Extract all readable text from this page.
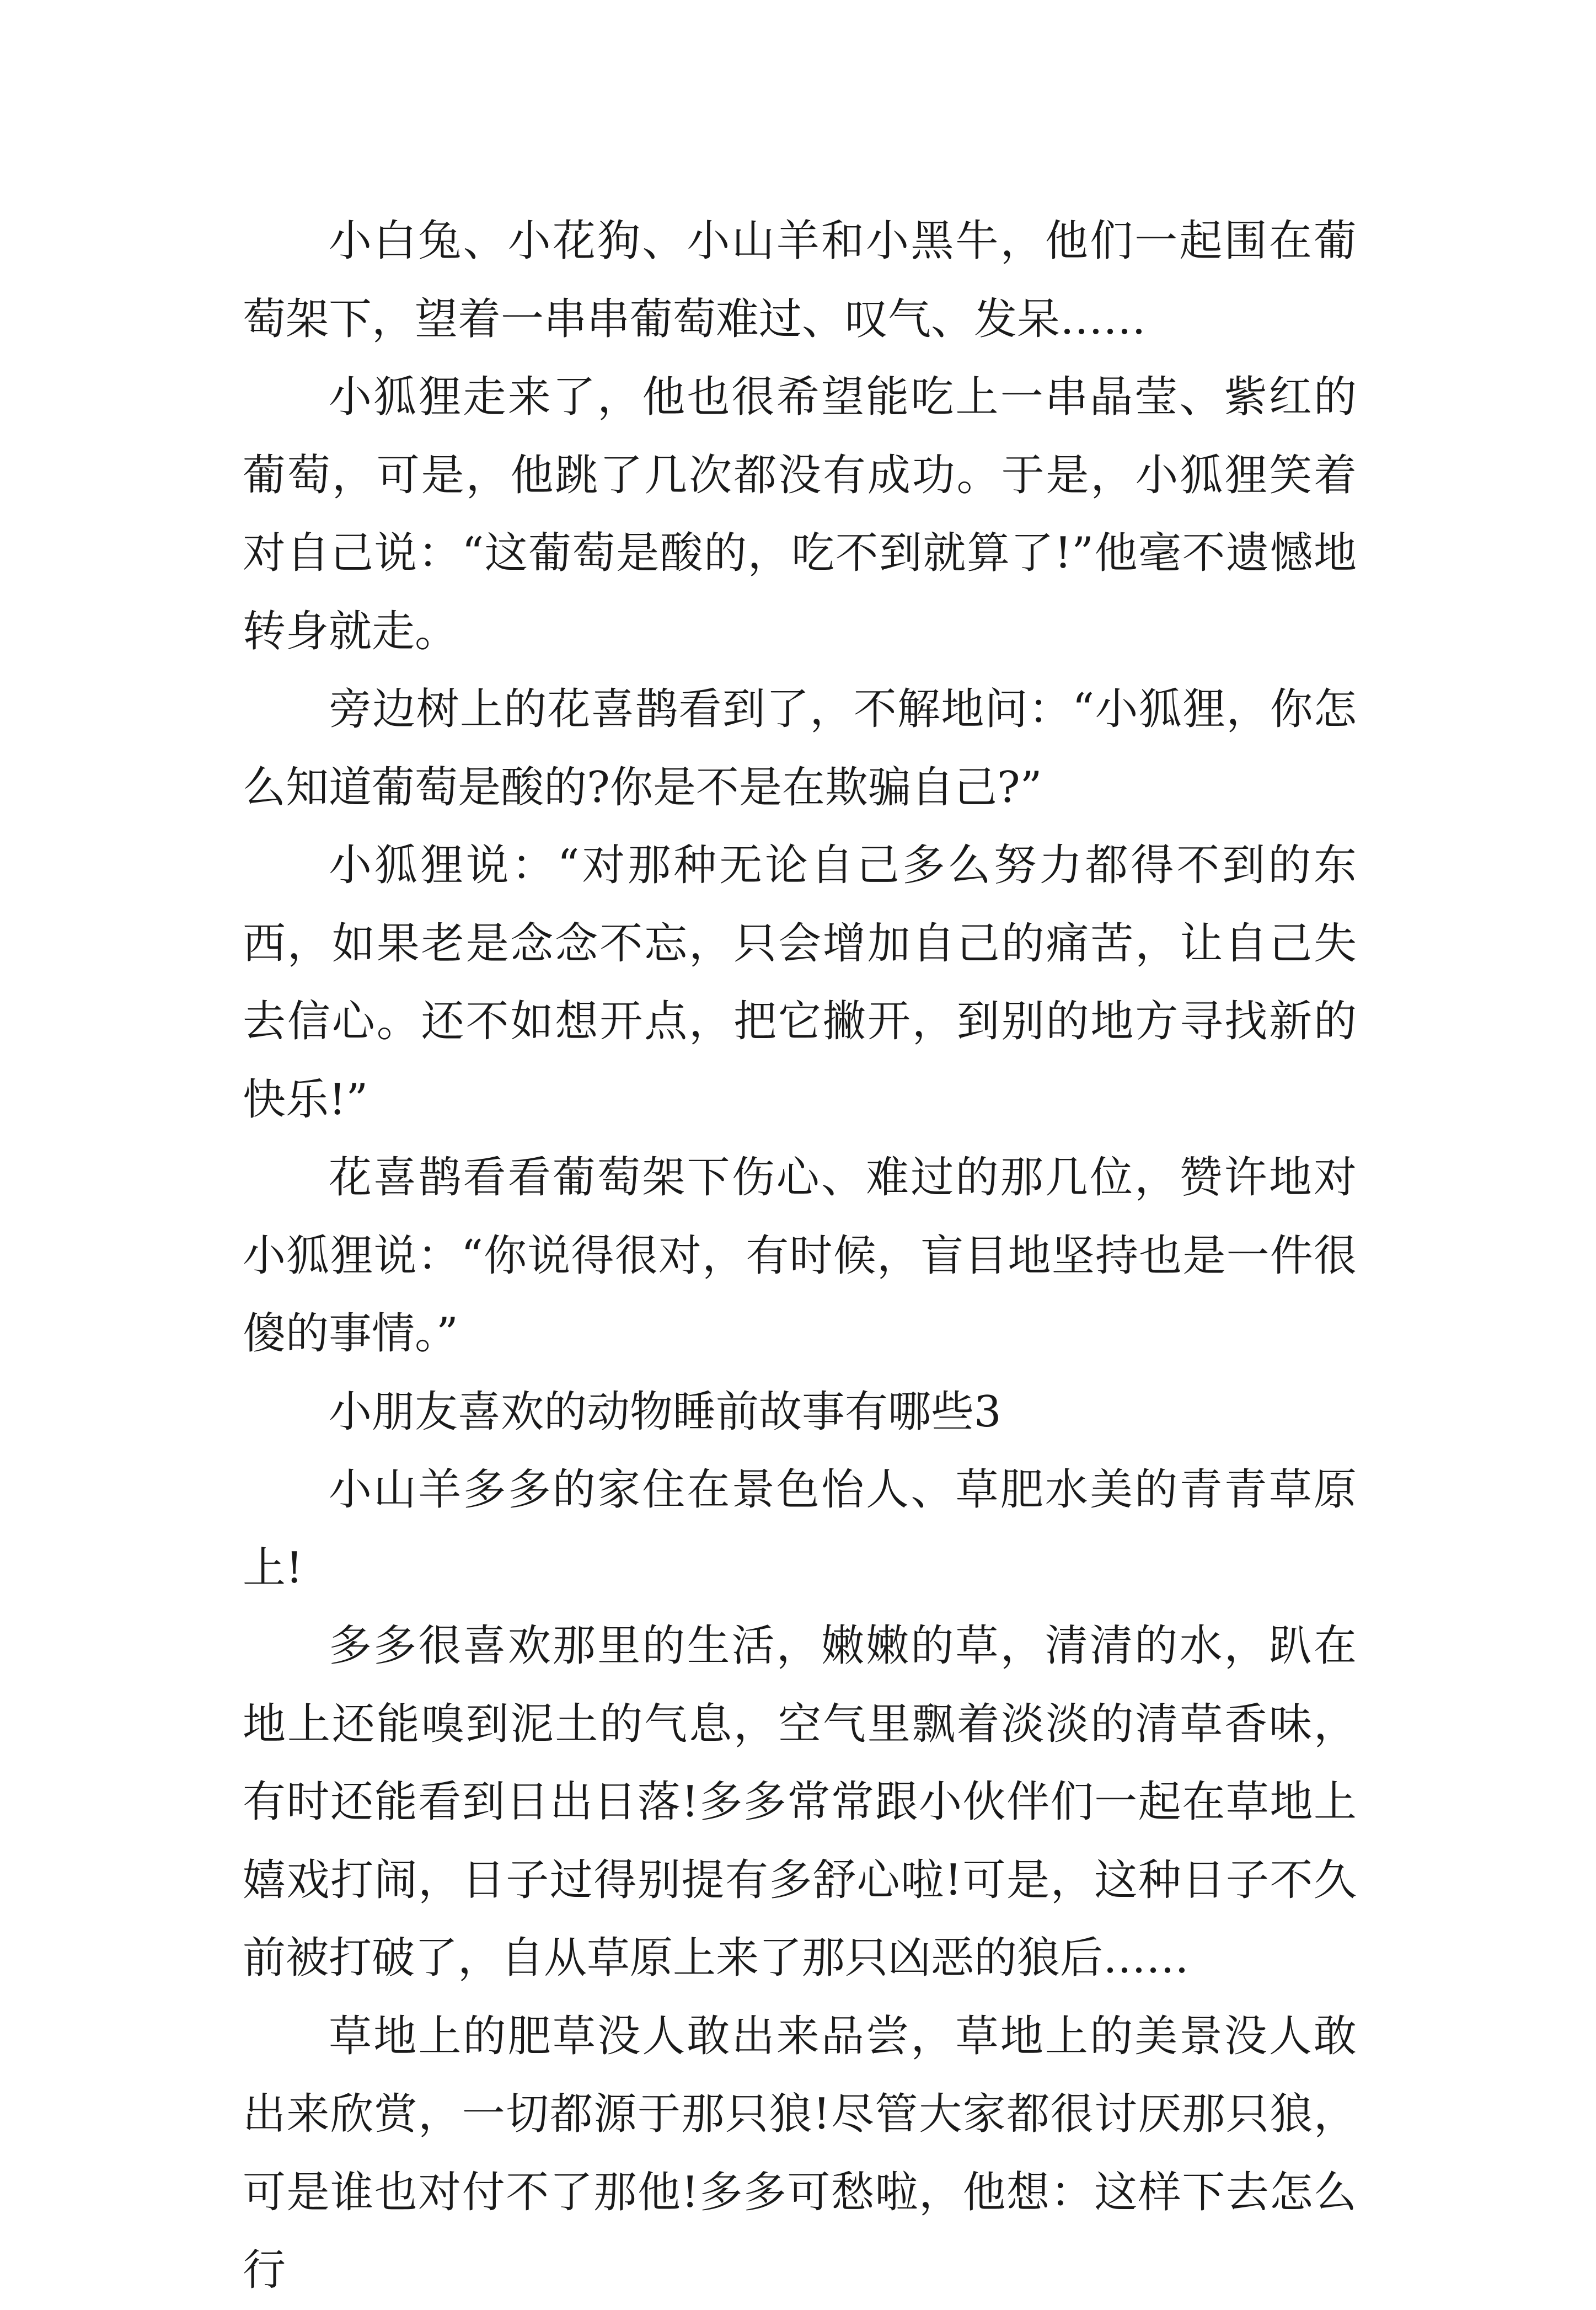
小白兔、小花狗、小山羊和小黑牛，他们一起围在葡萄架下，望着一串串葡萄难过、叹气、发呆……

小狐狸走来了，他也很希望能吃上一串晶莹、紫红的葡萄，可是，他跳了几次都没有成功。于是，小狐狸笑着对自己说：“这葡萄是酸的，吃不到就算了!”他毫不遗憾地转身就走。

旁边树上的花喜鹊看到了，不解地问：“小狐狸，你怎么知道葡萄是酸的?你是不是在欺骗自己?”

小狐狸说：“对那种无论自己多么努力都得不到的东西，如果老是念念不忘，只会增加自己的痛苦，让自己失去信心。还不如想开点，把它撇开，到别的地方寻找新的快乐!”

花喜鹊看看葡萄架下伤心、难过的那几位，赞许地对小狐狸说：“你说得很对，有时候，盲目地坚持也是一件很傻的事情。”

小朋友喜欢的动物睡前故事有哪些3

小山羊多多的家住在景色怡人、草肥水美的青青草原上!

多多很喜欢那里的生活，嫩嫩的草，清清的水，趴在地上还能嗅到泥土的气息，空气里飘着淡淡的清草香味，有时还能看到日出日落!多多常常跟小伙伴们一起在草地上嬉戏打闹，日子过得别提有多舒心啦!可是，这种日子不久前被打破了，自从草原上来了那只凶恶的狼后……

草地上的肥草没人敢出来品尝，草地上的美景没人敢出来欣赏，一切都源于那只狼!尽管大家都很讨厌那只狼，可是谁也对付不了那他!多多可愁啦，他想：这样下去怎么行
